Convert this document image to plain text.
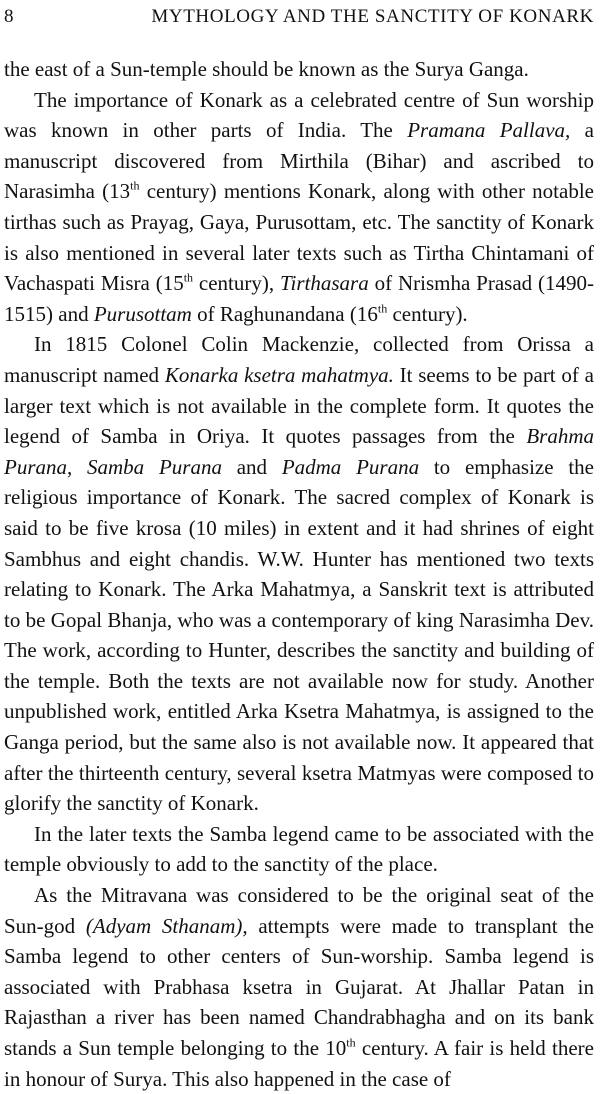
8	MYTHOLOGY AND THE SANCTITY OF KONARK

the east of a Sun-temple should be known as the Surya Ganga.

The importance of Konark as a celebrated centre of Sun worship was known in other parts of India. The Pramana Pallava, a manuscript discovered from Mirthila (Bihar) and ascribed to Narasimha (13th century) mentions Konark, along with other notable tirthas such as Prayag, Gaya, Purusottam, etc. The sanctity of Konark is also mentioned in several later texts such as Tirtha Chintamani of Vachaspati Misra (15th century), Tirthasara of Nrismha Prasad (1490-1515) and Purusottam of Raghunandana (16th century).

In 1815 Colonel Colin Mackenzie, collected from Orissa a manuscript named Konarka ksetra mahatmya. It seems to be part of a larger text which is not available in the complete form. It quotes the legend of Samba in Oriya. It quotes passages from the Brahma Purana, Samba Purana and Padma Purana to emphasize the religious importance of Konark. The sacred complex of Konark is said to be five krosa (10 miles) in extent and it had shrines of eight Sambhus and eight chandis. W.W. Hunter has mentioned two texts relating to Konark. The Arka Mahatmya, a Sanskrit text is attributed to be Gopal Bhanja, who was a contemporary of king Narasimha Dev. The work, according to Hunter, describes the sanctity and building of the temple. Both the texts are not available now for study. Another unpublished work, entitled Arka Ksetra Mahatmya, is assigned to the Ganga period, but the same also is not available now. It appeared that after the thirteenth century, several ksetra Matmyas were composed to glorify the sanctity of Konark.

In the later texts the Samba legend came to be associated with the temple obviously to add to the sanctity of the place.

As the Mitravana was considered to be the original seat of the Sun-god (Adyam Sthanam), attempts were made to transplant the Samba legend to other centers of Sun-worship. Samba legend is associated with Prabhasa ksetra in Gujarat. At Jhallar Patan in Rajasthan a river has been named Chandrabhagha and on its bank stands a Sun temple belonging to the 10th century. A fair is held there in honour of Surya. This also happened in the case of
